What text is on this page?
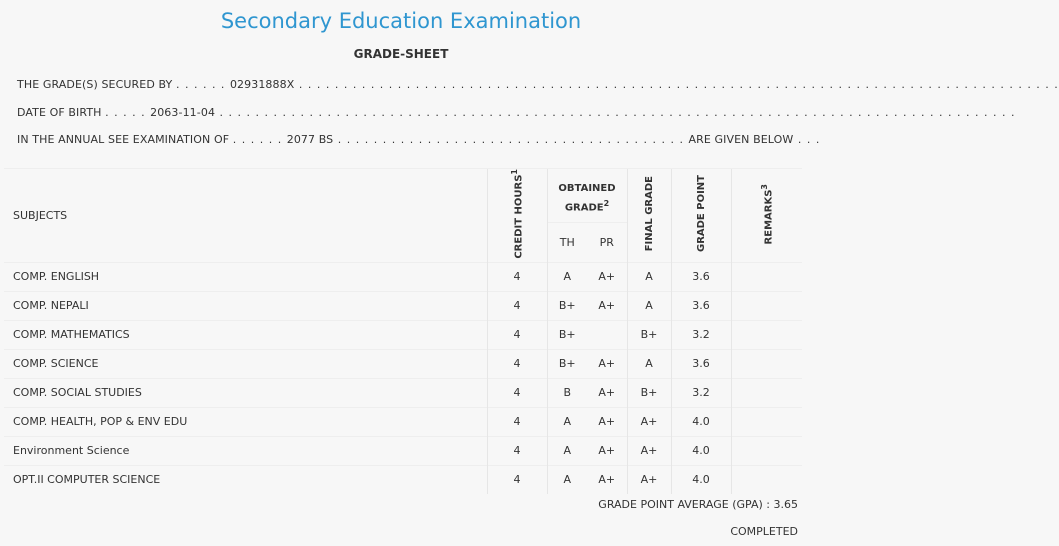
Secondary Education Examination
GRADE-SHEET
THE GRADE(S) SECURED BY . . . . . . 02931888X . . . . . . . . . . . . . . . . . . . . . . . . . . . . . . . . . . . . . . . . . . . . . . . . . . . . . . . . . . . . . . . . . . . . . . . . . . . . . . . . . . . . .
DATE OF BIRTH . . . . . 2063-11-04 . . . . . . . . . . . . . . . . . . . . . . . . . . . . . . . . . . . . . . . . . . . . . . . . . . . . . . . . . . . . . . . . . . . . . . . . . . . . . . . . . . . . . . . . .
IN THE ANNUAL SEE EXAMINATION OF . . . . . . 2077 BS . . . . . . . . . . . . . . . . . . . . . . . . . . . . . . . . . . . . . . . ARE GIVEN BELOW . . .
SUBJECTS	CREDIT HOURS$^1$	OBTAINED GRADE$^2$		FINAL GRADE	GRADE POINT	REMARKS$^3$
		TH	PR			
COMP. ENGLISH	4	A	A+	A	3.6	
COMP. NEPALI	4	B+	A+	A	3.6	
COMP. MATHEMATICS	4	B+		B+	3.2	
COMP. SCIENCE	4	B+	A+	A	3.6	
COMP. SOCIAL STUDIES	4	B	A+	B+	3.2	
COMP. HEALTH, POP & ENV EDU	4	A	A+	A+	4.0	
Environment Science	4	A	A+	A+	4.0	
OPT.II COMPUTER SCIENCE	4	A	A+	A+	4.0	
GRADE POINT AVERAGE (GPA) : 3.65
COMPLETED
